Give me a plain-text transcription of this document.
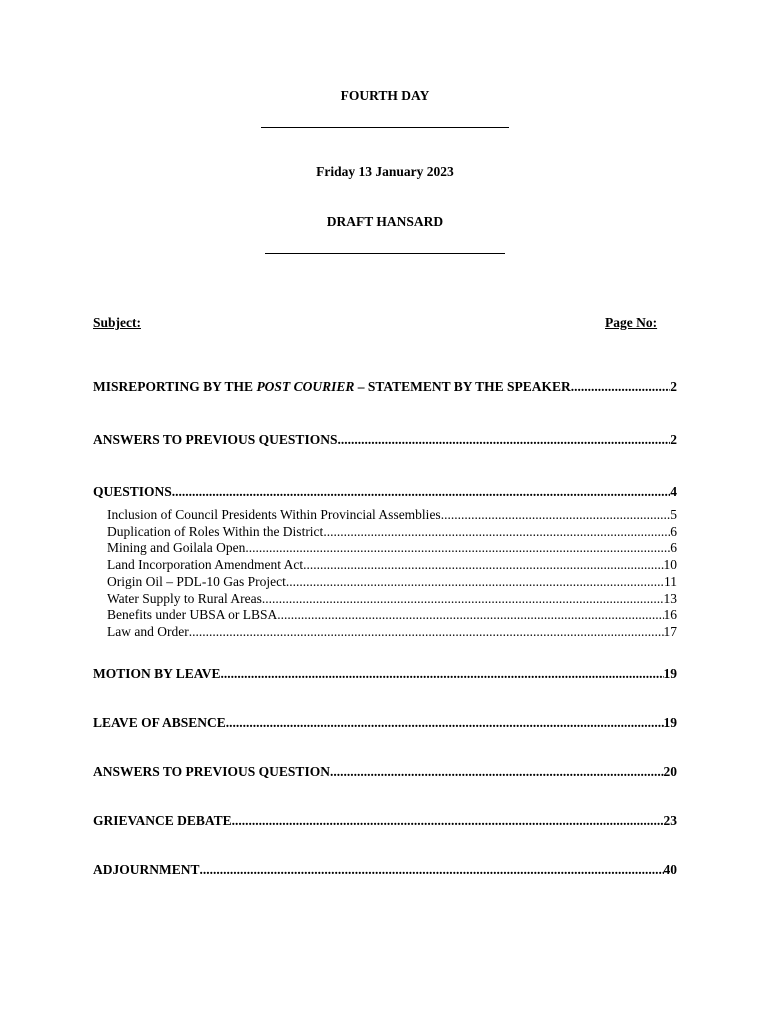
FOURTH DAY
Friday 13 January 2023
DRAFT HANSARD
Subject:	Page No:
MISREPORTING BY THE POST COURIER – STATEMENT BY THE SPEAKER .....	2
ANSWERS TO PREVIOUS QUESTIONS .....	2
QUESTIONS .....	4
Inclusion of Council Presidents Within Provincial Assemblies .....	5
Duplication of Roles Within the District .....	6
Mining and Goilala Open .....	6
Land Incorporation Amendment Act .....	10
Origin Oil – PDL-10 Gas Project .....	11
Water Supply to Rural Areas .....	13
Benefits under UBSA or LBSA .....	16
Law and Order .....	17
MOTION BY LEAVE .....	19
LEAVE OF ABSENCE .....	19
ANSWERS TO PREVIOUS QUESTION .....	20
GRIEVANCE DEBATE .....	23
ADJOURNMENT .....	40
